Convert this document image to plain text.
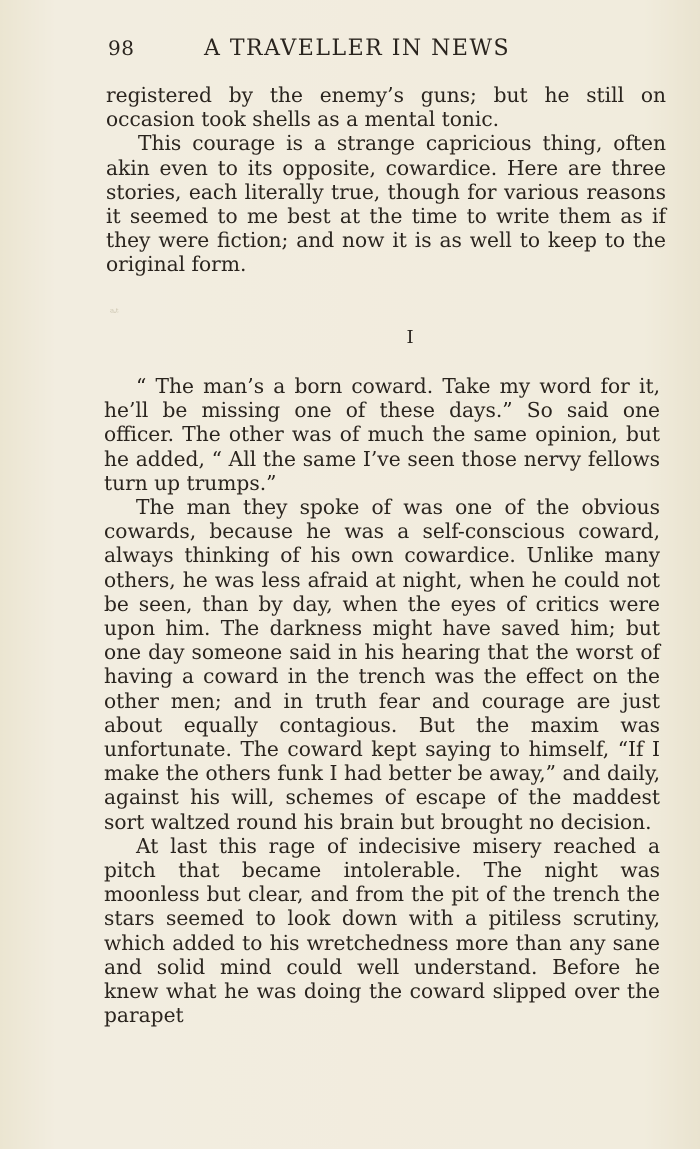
98	A TRAVELLER IN NEWS

registered by the enemy’s guns; but he still on

occasion took shells as a mental tonic.

This courage is a strange capricious thing, often akin even to its opposite, cowardice. Here are three stories, each literally true, though for various reasons it seemed to me best at the time to write them as if they were fiction; and now it is as well to keep to the original form.

ᵃ·ᵗ
I

“ The man’s a born coward. Take my word for it, he’ll be missing one of these days.” So said one officer. The other was of much the same opinion, but he added, “ All the same I’ve seen those nervy fellows turn up trumps.”

The man they spoke of was one of the obvious cowards, because he was a self-conscious coward, always thinking of his own cowardice. Unlike many others, he was less afraid at night, when he could not be seen, than by day, when the eyes of critics were upon him. The darkness might have saved him; but one day someone said in his hearing that the worst of having a coward in the trench was the effect on the other men; and in truth fear and courage are just about equally contagious. But the maxim was unfortunate. The coward kept saying to himself, “If I make the others funk I had better be away,” and daily, against his will, schemes of escape of the maddest sort waltzed round his brain but brought no decision.

At last this rage of indecisive misery reached a pitch that became intolerable. The night was moonless but clear, and from the pit of the trench the stars seemed to look down with a pitiless scrutiny, which added to his wretchedness more than any sane and solid mind could well understand. Before he knew what he was doing the coward slipped over the parapet
